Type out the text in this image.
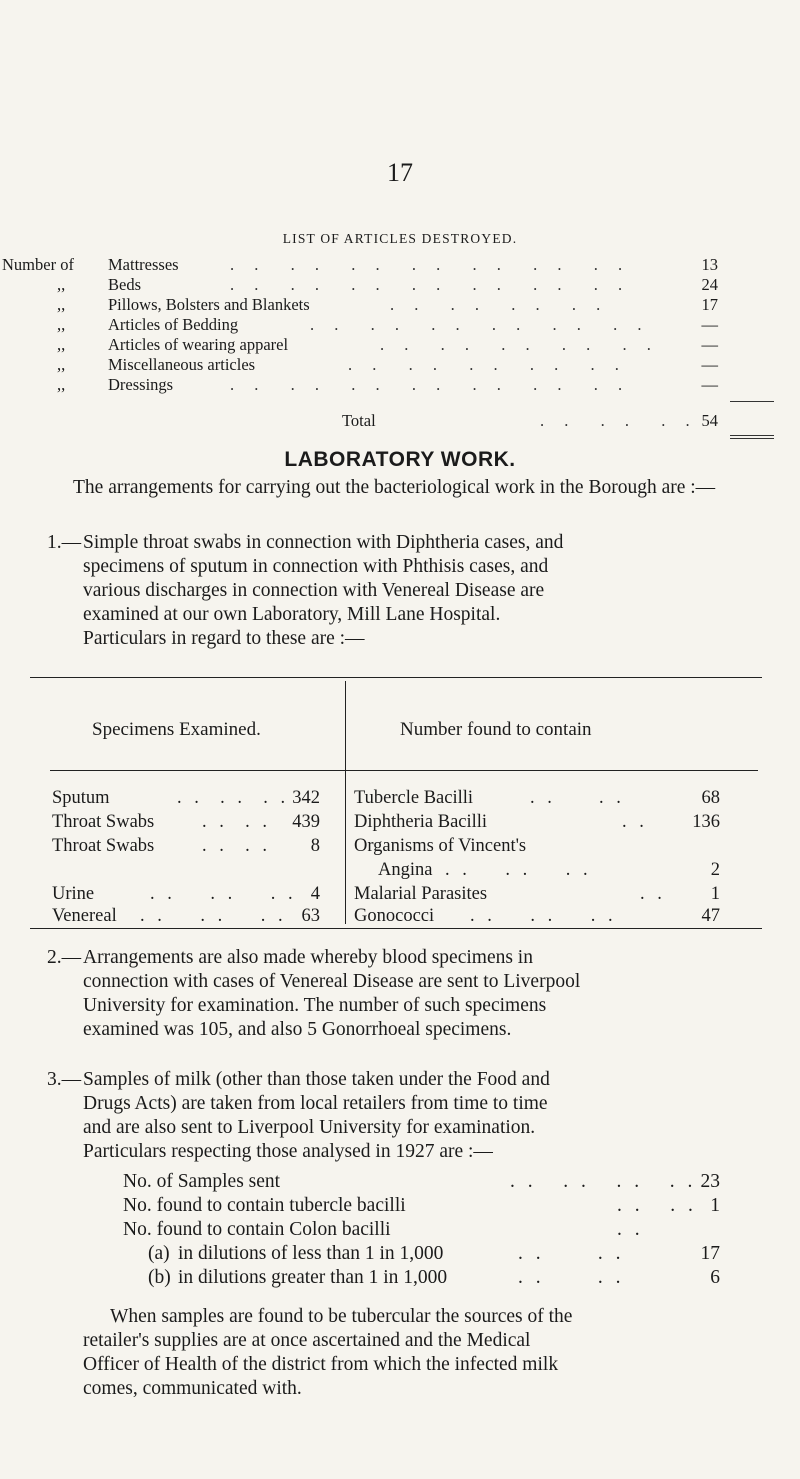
17
LIST OF ARTICLES DESTROYED.
Number of Mattresses	. .  . .  . .  . .  . .  . .  . .	13
,,	Beds	. .  . .  . .  . .  . .  . .  . .	24
,,	Pillows, Bolsters and Blankets	. .  . .  . .  . .	17
,,	Articles of Bedding	. .  . .  . .  . .  . .  . .	—
,,	Articles of wearing apparel	. .  . .  . .  . .  . .	—
,,	Miscellaneous articles	. .  . .  . .  . .  . .	—
,,	Dressings	. .  . .  . .  . .  . .  . .  . .	—
Total	. .  . .  . . 54
LABORATORY WORK.
The arrangements for carrying out the bacteriological work in the Borough are :—
1.— Simple throat swabs in connection with Diphtheria cases, and
specimens of sputum in connection with Phthisis cases, and
various discharges in connection with Venereal Disease are
examined at our own Laboratory, Mill Lane Hospital.
Particulars in regard to these are :—
Specimens Examined.	Number found to contain
Sputum	. .  . .  . . 342 Tubercle Bacilli	. .     . .	68
Throat Swabs	. .  . .	439 Diphtheria Bacilli	. .	136
Throat Swabs	. .  . .	8 Organisms of Vincent's
Angina . .    . .    . .	2
Urine	. .    . .    . . 4 Malarial Parasites	. .	1
Venereal . .    . .    . . 63 Gonococci . .    . .    . .	47
2.— Arrangements are also made whereby blood specimens in
connection with cases of Venereal Disease are sent to Liverpool
University for examination. The number of such specimens
examined was 105, and also 5 Gonorrhoeal specimens.
3.— Samples of milk (other than those taken under the Food and
Drugs Acts) are taken from local retailers from time to time
and are also sent to Liverpool University for examination.
Particulars respecting those analysed in 1927 are :—
No. of Samples sent	. .   . .   . .   . . 23
No. found to contain tubercle bacilli	. .   . . 1
No. found to contain Colon bacilli	. .
(a) in dilutions of less than 1 in 1,000	. .      . .	17
(b) in dilutions greater than 1 in 1,000	. .      . .	6
When samples are found to be tubercular the sources of the
retailer's supplies are at once ascertained and the Medical
Officer of Health of the district from which the infected milk
comes, communicated with.
